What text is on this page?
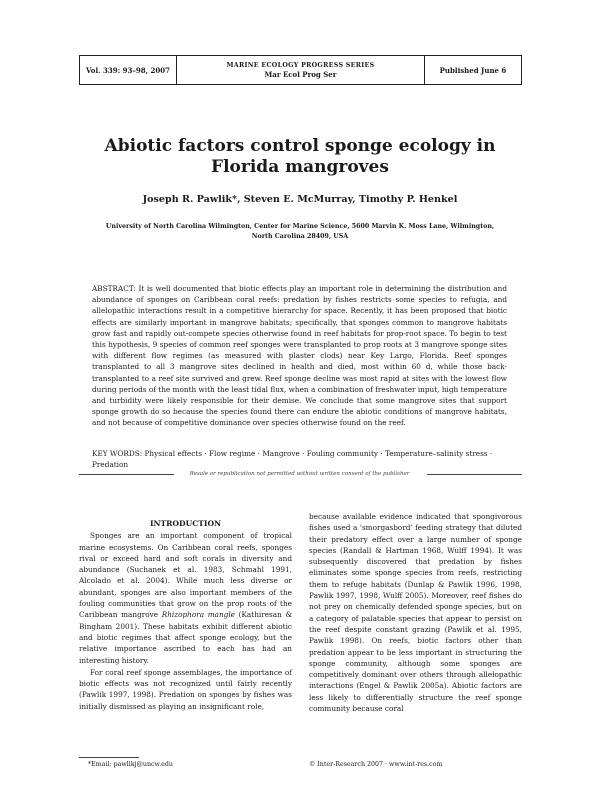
Vol. 339: 93–98, 2007	MARINE ECOLOGY PROGRESS SERIES
Mar Ecol Prog Ser	Published June 6
Abiotic factors control sponge ecology in
Florida mangroves

Joseph R. Pawlik*, Steven E. McMurray, Timothy P. Henkel

University of North Carolina Wilmington, Center for Marine Science, 5600 Marvin K. Moss Lane, Wilmington,
North Carolina 28409, USA

ABSTRACT: It is well documented that biotic effects play an important role in determining the distribution and abundance of sponges on Caribbean coral reefs: predation by fishes restricts some species to refugia, and allelopathic interactions result in a competitive hierarchy for space. Recently, it has been proposed that biotic effects are similarly important in mangrove habitats; specifically, that sponges common to mangrove habitats grow fast and rapidly out-compete species otherwise found in reef habitats for prop-root space. To begin to test this hypothesis, 9 species of common reef sponges were transplanted to prop roots at 3 mangrove sponge sites with different flow regimes (as measured with plaster clods) near Key Largo, Florida. Reef sponges transplanted to all 3 mangrove sites declined in health and died, most within 60 d, while those back-transplanted to a reef site survived and grew. Reef sponge decline was most rapid at sites with the lowest flow during periods of the month with the least tidal flux, when a combination of freshwater input, high temperature and turbidity were likely responsible for their demise. We conclude that some mangrove sites that support sponge growth do so because the species found there can endure the abiotic conditions of mangrove habitats, and not because of competitive dominance over species otherwise found on the reef.

KEY WORDS: Physical effects · Flow regime · Mangrove · Fouling community · Temperature–salinity stress · Predation

Resale or republication not permitted without written consent of the publisher

INTRODUCTION

Sponges are an important component of tropical marine ecosystems. On Caribbean coral reefs, sponges rival or exceed hard and soft corals in diversity and abundance (Suchanek et al. 1983, Schmahl 1991, Alcolado et al. 2004). While much less diverse or abundant, sponges are also important members of the fouling communities that grow on the prop roots of the Caribbean mangrove Rhizophora mangle (Kathiresan & Bingham 2001). These habitats exhibit different abiotic and biotic regimes that affect sponge ecology, but the relative importance ascribed to each has had an interesting history.

For coral reef sponge assemblages, the importance of biotic effects was not recognized until fairly recently (Pawlik 1997, 1998). Predation on sponges by fishes was initially dismissed as playing an insignificant role,

because available evidence indicated that spongivorous fishes used a 'smorgasbord' feeding strategy that diluted their predatory effect over a large number of sponge species (Randall & Hartman 1968, Wulff 1994). It was subsequently discovered that predation by fishes eliminates some sponge species from reefs, restricting them to refuge habitats (Dunlap & Pawlik 1996, 1998, Pawlik 1997, 1998, Wulff 2005). Moreover, reef fishes do not prey on chemically defended sponge species, but on a category of palatable species that appear to persist on the reef despite constant grazing (Pawlik et al. 1995, Pawlik 1998). On reefs, biotic factors other than predation appear to be less important in structuring the sponge community, although some sponges are competitively dominant over others through allelopathic interactions (Engel & Pawlik 2005a). Abiotic factors are less likely to differentially structure the reef sponge community because coral

*Email: pawlikj@uncw.edu	© Inter-Research 2007 · www.int-res.com
